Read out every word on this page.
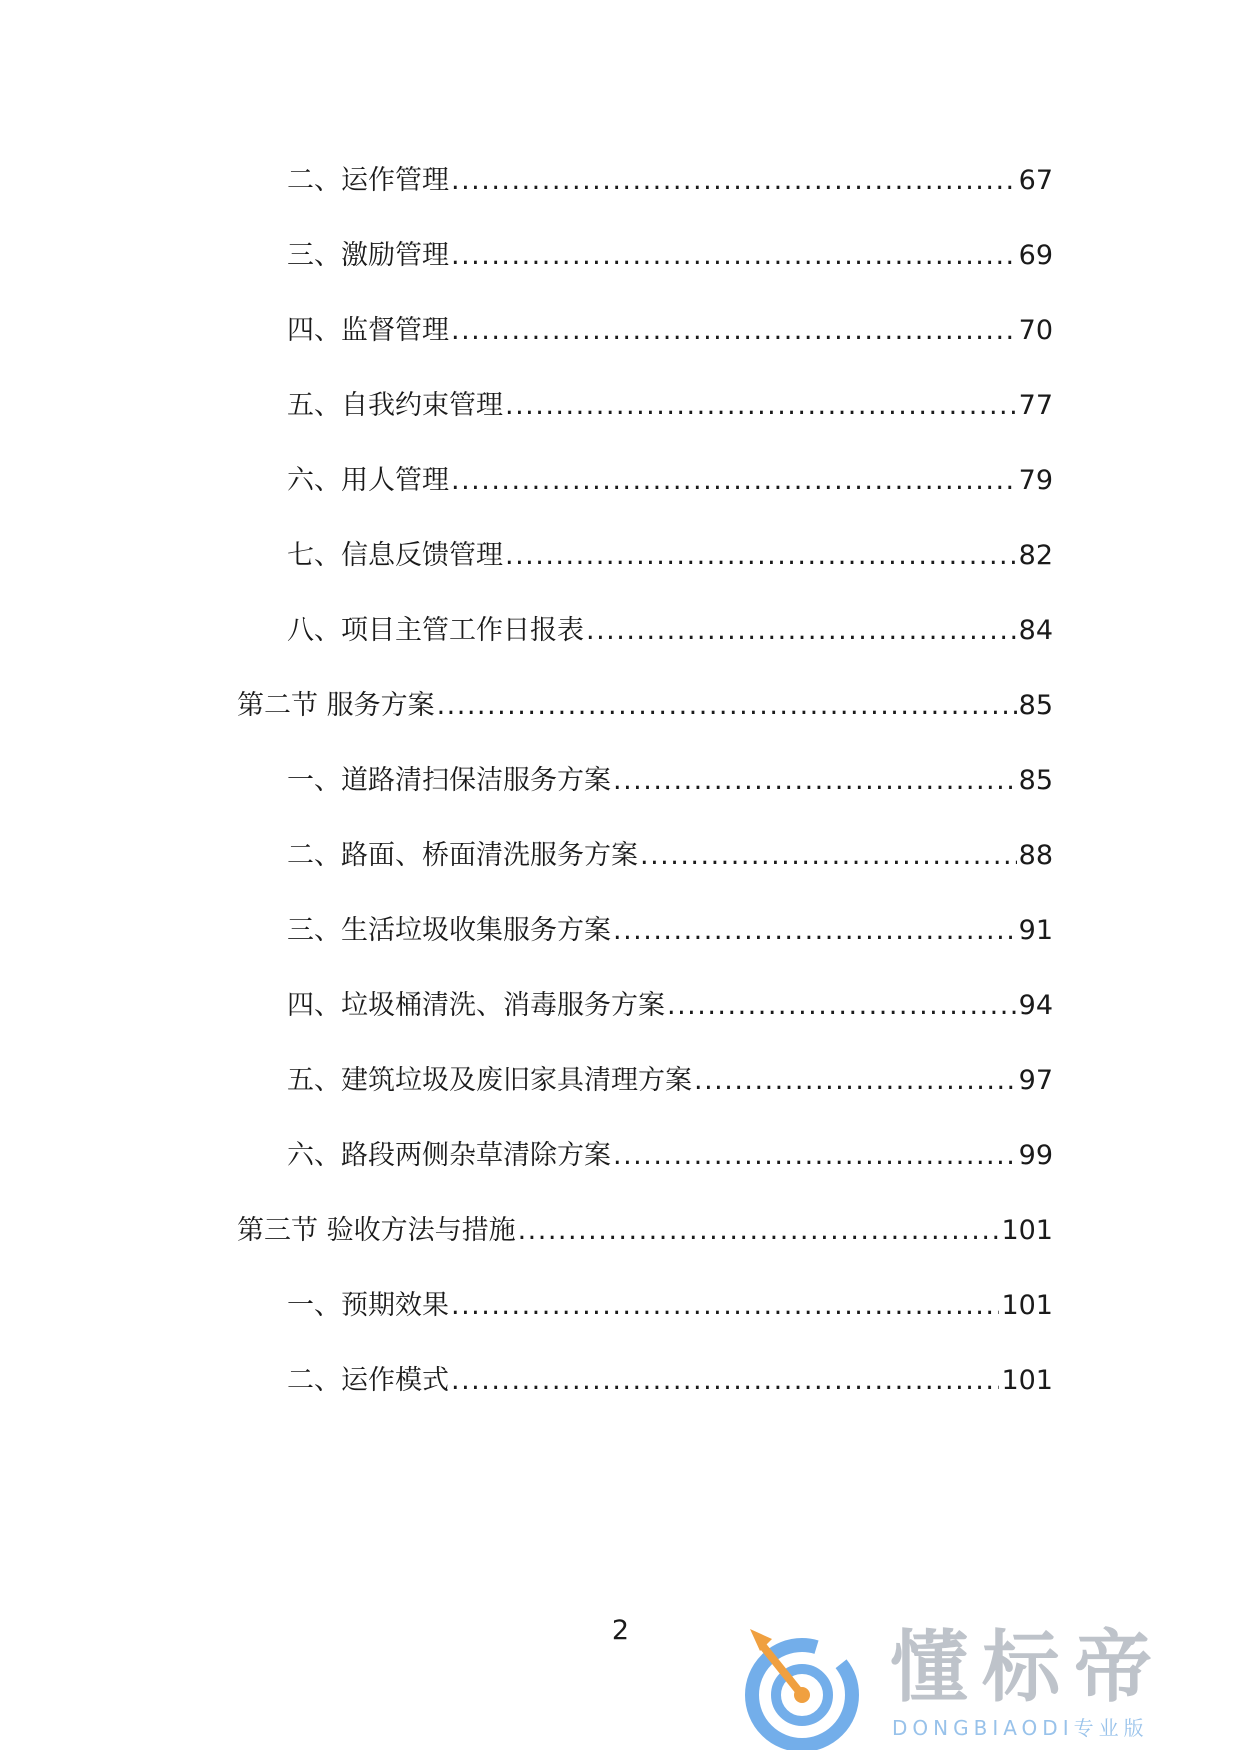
二、运作管理 .....	67
三、激励管理 .....	69
四、监督管理 .....	70
五、自我约束管理 .....	77
六、用人管理 .....	79
七、信息反馈管理 .....	82
八、项目主管工作日报表 .....	84
第二节 服务方案 .....	85
一、道路清扫保洁服务方案 .....	85
二、路面、桥面清洗服务方案 .....	88
三、生活垃圾收集服务方案 .....	91
四、垃圾桶清洗、消毒服务方案 .....	94
五、建筑垃圾及废旧家具清理方案 .....	97
六、路段两侧杂草清除方案 .....	99
第三节 验收方法与措施 .....	101
一、预期效果 .....	101
二、运作模式 .....	101
2	懂标帝
DONGBIAODI专业版
